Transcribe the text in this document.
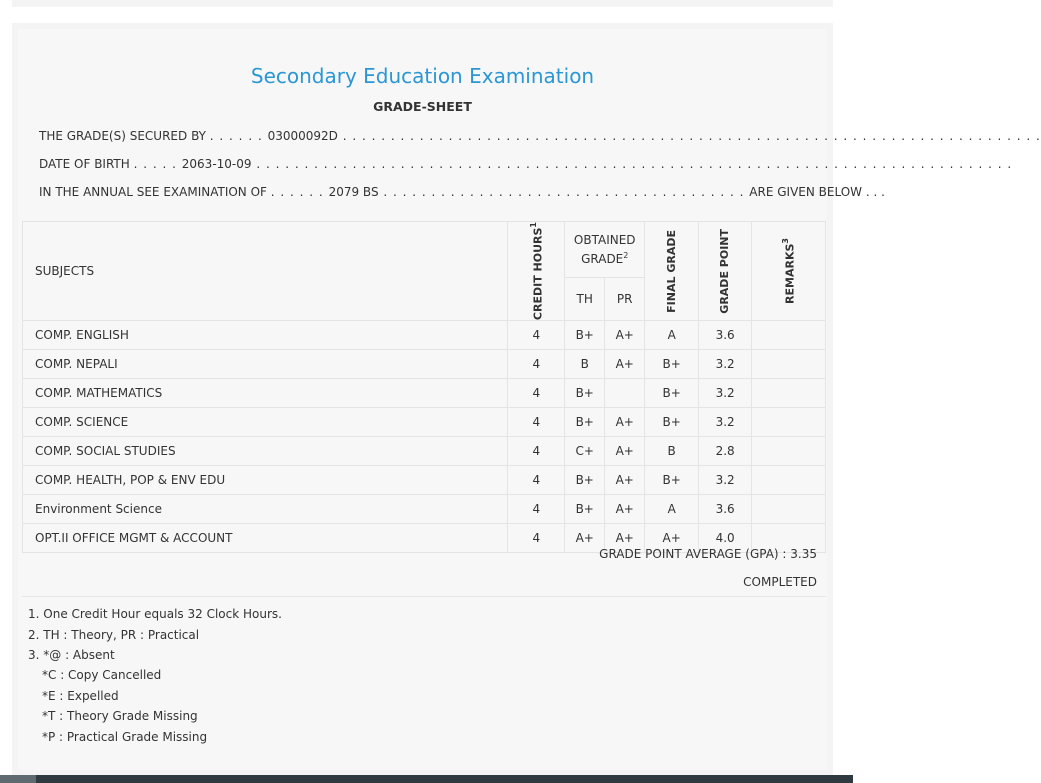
Secondary Education Examination
GRADE-SHEET
THE GRADE(S) SECURED BY . . . . . . 03000092D . . . . . . . . . . . . . . . . . . . . . . . . . . . . . . . . . . . . . . . . . . . . . . . . . . . . . . . . . . . . . . . . . . . . . . . . .
DATE OF BIRTH . . . . . 2063-10-09 . . . . . . . . . . . . . . . . . . . . . . . . . . . . . . . . . . . . . . . . . . . . . . . . . . . . . . . . . . . . . . . . . . . . . . . . . . . . . . .
IN THE ANNUAL SEE EXAMINATION OF . . . . . . 2079 BS . . . . . . . . . . . . . . . . . . . . . . . . . . . . . . . . . . . . . . ARE GIVEN BELOW . . .
SUBJECTS	CREDIT HOURS$^1$	OBTAINED GRADE$^2$		FINAL GRADE	GRADE POINT	REMARKS$^3$

		TH	PR			
COMP. ENGLISH	4	B+	A+	A	3.6	
COMP. NEPALI	4	B	A+	B+	3.2	
COMP. MATHEMATICS	4	B+		B+	3.2	
COMP. SCIENCE	4	B+	A+	B+	3.2	
COMP. SOCIAL STUDIES	4	C+	A+	B	2.8	
COMP. HEALTH, POP & ENV EDU	4	B+	A+	B+	3.2	
Environment Science	4	B+	A+	A	3.6	
OPT.II OFFICE MGMT & ACCOUNT	4	A+	A+	A+	4.0	
GRADE POINT AVERAGE (GPA) : 3.35
COMPLETED
1. One Credit Hour equals 32 Clock Hours.
2. TH : Theory, PR : Practical
3. *@ : Absent
*C : Copy Cancelled
*E : Expelled
*T : Theory Grade Missing
*P : Practical Grade Missing
